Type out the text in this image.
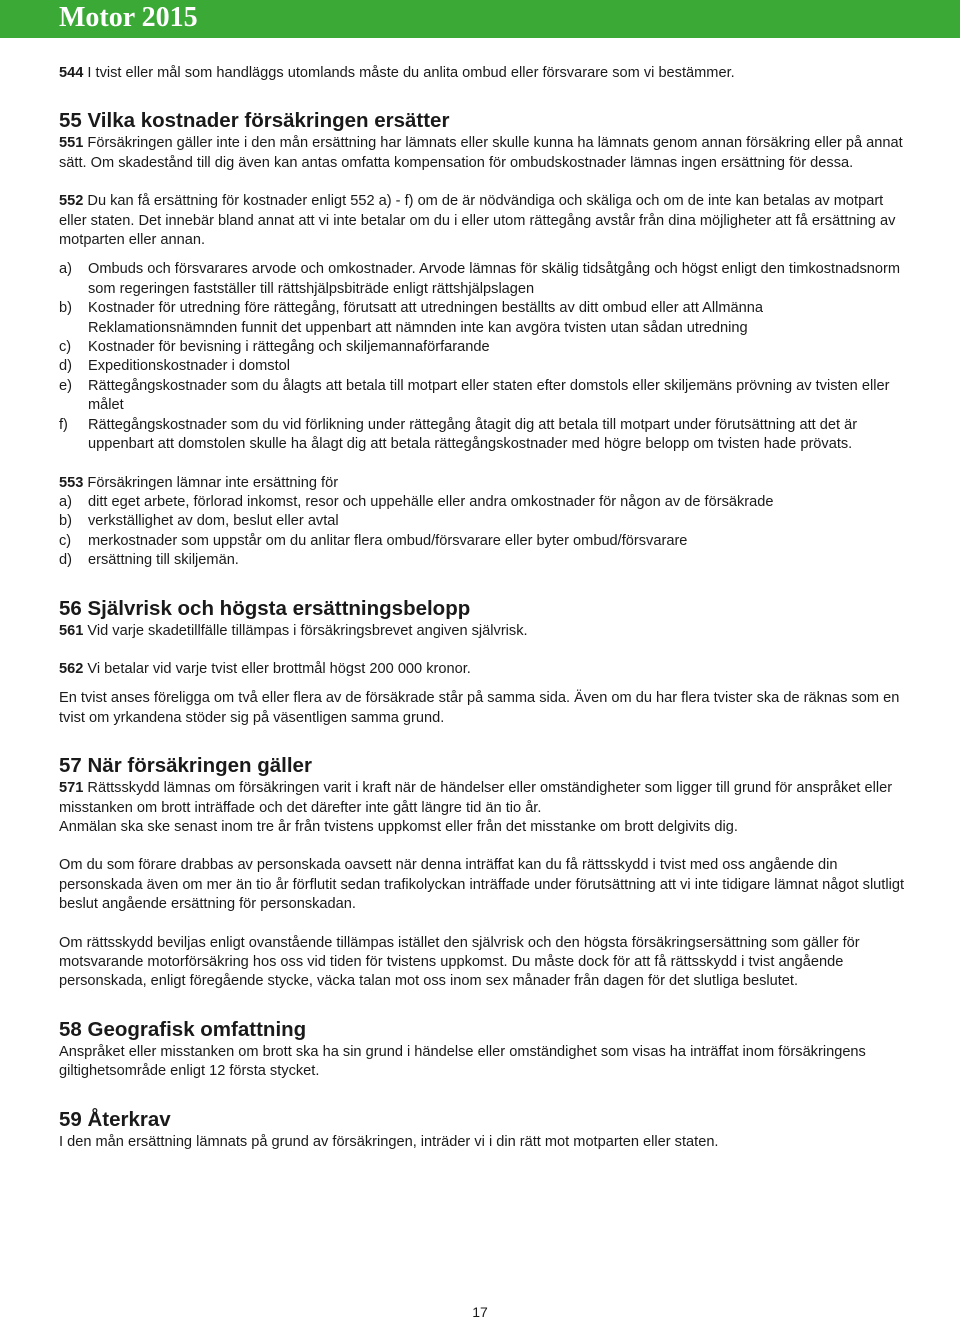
Motor 2015

544 I tvist eller mål som handläggs utomlands måste du anlita ombud eller försvarare som vi bestämmer.

55 Vilka kostnader försäkringen ersätter

551 Försäkringen gäller inte i den mån ersättning har lämnats eller skulle kunna ha lämnats genom annan försäkring eller på annat sätt. Om skadestånd till dig även kan antas omfatta kompensation för ombudskostnader lämnas ingen ersättning för dessa.

552 Du kan få ersättning för kostnader enligt 552 a) - f) om de är nödvändiga och skäliga och om de inte kan betalas av motpart eller staten. Det innebär bland annat att vi inte betalar om du i eller utom rättegång avstår från dina möjligheter att få ersättning av motparten eller annan.

a) Ombuds och försvarares arvode och omkostnader. Arvode lämnas för skälig tidsåtgång och högst enligt den timkostnadsnorm som regeringen fastställer till rättshjälpsbiträde enligt rättshjälpslagen

b) Kostnader för utredning före rättegång, förutsatt att utredningen beställts av ditt ombud eller att Allmänna Reklamationsnämnden funnit det uppenbart att nämnden inte kan avgöra tvisten utan sådan utredning

c) Kostnader för bevisning i rättegång och skiljemannaförfarande

d) Expeditionskostnader i domstol

e) Rättegångskostnader som du ålagts att betala till motpart eller staten efter domstols eller skiljemäns prövning av tvisten eller målet

f) Rättegångskostnader som du vid förlikning under rättegång åtagit dig att betala till motpart under förutsättning att det är uppenbart att domstolen skulle ha ålagt dig att betala rättegångskostnader med högre belopp om tvisten hade prövats.

553 Försäkringen lämnar inte ersättning för

a) ditt eget arbete, förlorad inkomst, resor och uppehälle eller andra omkostnader för någon av de försäkrade

b) verkställighet av dom, beslut eller avtal

c) merkostnader som uppstår om du anlitar flera ombud/försvarare eller byter ombud/försvarare

d) ersättning till skiljemän.

56 Självrisk och högsta ersättningsbelopp

561 Vid varje skadetillfälle tillämpas i försäkringsbrevet angiven självrisk.

562 Vi betalar vid varje tvist eller brottmål högst 200 000 kronor.

En tvist anses föreligga om två eller flera av de försäkrade står på samma sida. Även om du har flera tvister ska de räknas som en tvist om yrkandena stöder sig på väsentligen samma grund.

57 När försäkringen gäller

571 Rättsskydd lämnas om försäkringen varit i kraft när de händelser eller omständigheter som ligger till grund för anspråket eller misstanken om brott inträffade och det därefter inte gått längre tid än tio år.

Anmälan ska ske senast inom tre år från tvistens uppkomst eller från det misstanke om brott delgivits dig.

Om du som förare drabbas av personskada oavsett när denna inträffat kan du få rättsskydd i tvist med oss angående din personskada även om mer än tio år förflutit sedan trafikolyckan inträffade under förutsättning att vi inte tidigare lämnat något slutligt beslut angående ersättning för personskadan.

Om rättsskydd beviljas enligt ovanstående tillämpas istället den självrisk och den högsta försäkringsersättning som gäller för motsvarande motorförsäkring hos oss vid tiden för tvistens uppkomst. Du måste dock för att få rättsskydd i tvist angående personskada, enligt föregående stycke, väcka talan mot oss inom sex månader från dagen för det slutliga beslutet.

58 Geografisk omfattning

Anspråket eller misstanken om brott ska ha sin grund i händelse eller omständighet som visas ha inträffat inom försäkringens giltighetsområde enligt 12 första stycket.

59 Återkrav

I den mån ersättning lämnats på grund av försäkringen, inträder vi i din rätt mot motparten eller staten.

17
